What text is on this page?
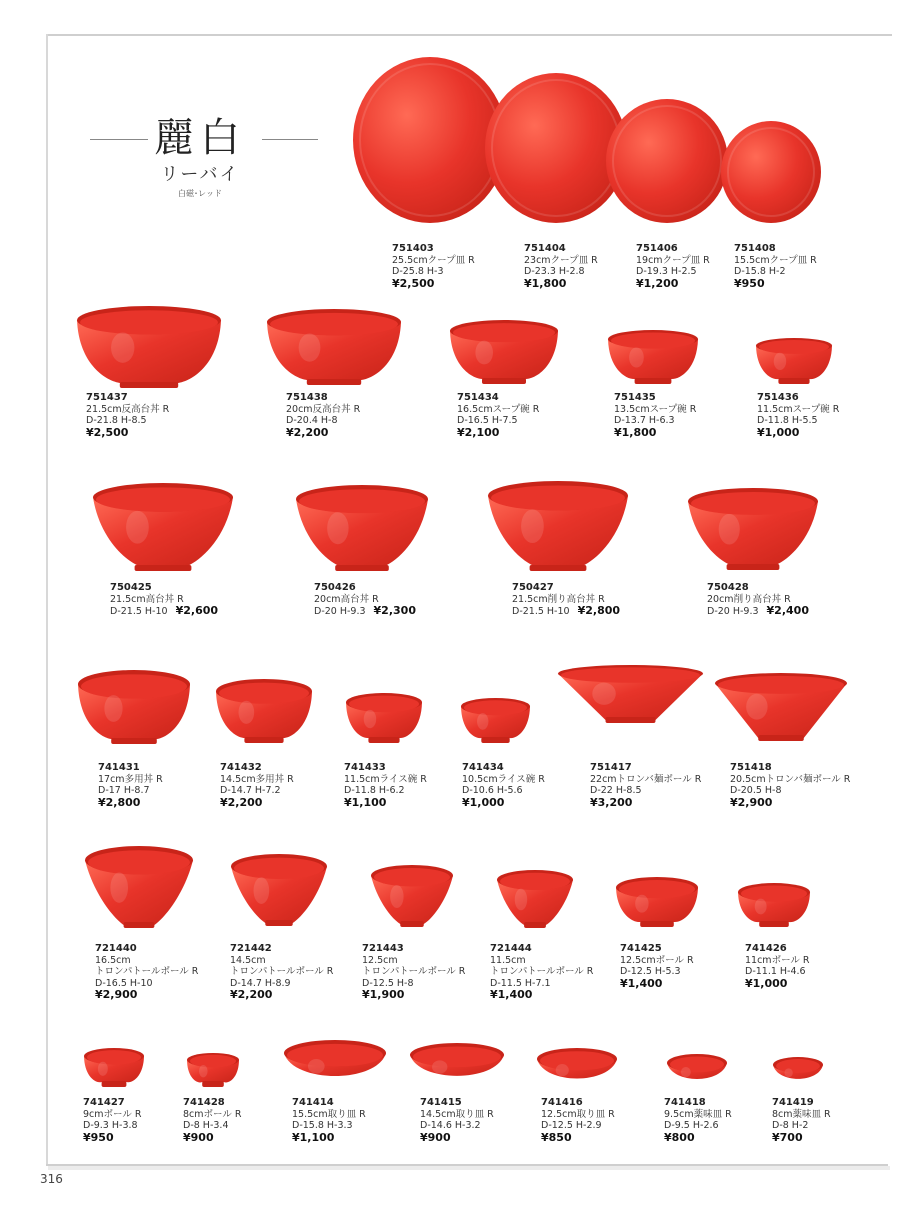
麗白
リーバイ
白磁･レッド
751403
25.5cmクープ皿 R
D-25.8 H-3
¥2,500
751404
23cmクープ皿 R
D-23.3 H-2.8
¥1,800
751406
19cmクープ皿 R
D-19.3 H-2.5
¥1,200
751408
15.5cmクープ皿 R
D-15.8 H-2
¥950
751437
21.5cm反高台丼 R
D-21.8 H-8.5
¥2,500
751438
20cm反高台丼 R
D-20.4 H-8
¥2,200
751434
16.5cmスープ碗 R
D-16.5 H-7.5
¥2,100
751435
13.5cmスープ碗 R
D-13.7 H-6.3
¥1,800
751436
11.5cmスープ碗 R
D-11.8 H-5.5
¥1,000
750425
21.5cm高台丼 R
D-21.5 H-10 ¥2,600
750426
20cm高台丼 R
D-20 H-9.3 ¥2,300
750427
21.5cm削り高台丼 R
D-21.5 H-10 ¥2,800
750428
20cm削り高台丼 R
D-20 H-9.3 ¥2,400
741431
17cm多用丼 R
D-17 H-8.7
¥2,800
741432
14.5cm多用丼 R
D-14.7 H-7.2
¥2,200
741433
11.5cmライス碗 R
D-11.8 H-6.2
¥1,100
741434
10.5cmライス碗 R
D-10.6 H-5.6
¥1,000
751417
22cmトロンバ麺ボール R
D-22 H-8.5
¥3,200
751418
20.5cmトロンバ麺ボール R
D-20.5 H-8
¥2,900
721440
16.5cm
トロンパトールボール R
D-16.5 H-10
¥2,900
721442
14.5cm
トロンパトールボール R
D-14.7 H-8.9
¥2,200
721443
12.5cm
トロンパトールボール R
D-12.5 H-8
¥1,900
721444
11.5cm
トロンパトールボール R
D-11.5 H-7.1
¥1,400
741425
12.5cmボール R
D-12.5 H-5.3
¥1,400
741426
11cmボール R
D-11.1 H-4.6
¥1,000
741427
9cmボール R
D-9.3 H-3.8
¥950
741428
8cmボール R
D-8 H-3.4
¥900
741414
15.5cm取り皿 R
D-15.8 H-3.3
¥1,100
741415
14.5cm取り皿 R
D-14.6 H-3.2
¥900
741416
12.5cm取り皿 R
D-12.5 H-2.9
¥850
741418
9.5cm薬味皿 R
D-9.5 H-2.6
¥800
741419
8cm薬味皿 R
D-8 H-2
¥700
316
